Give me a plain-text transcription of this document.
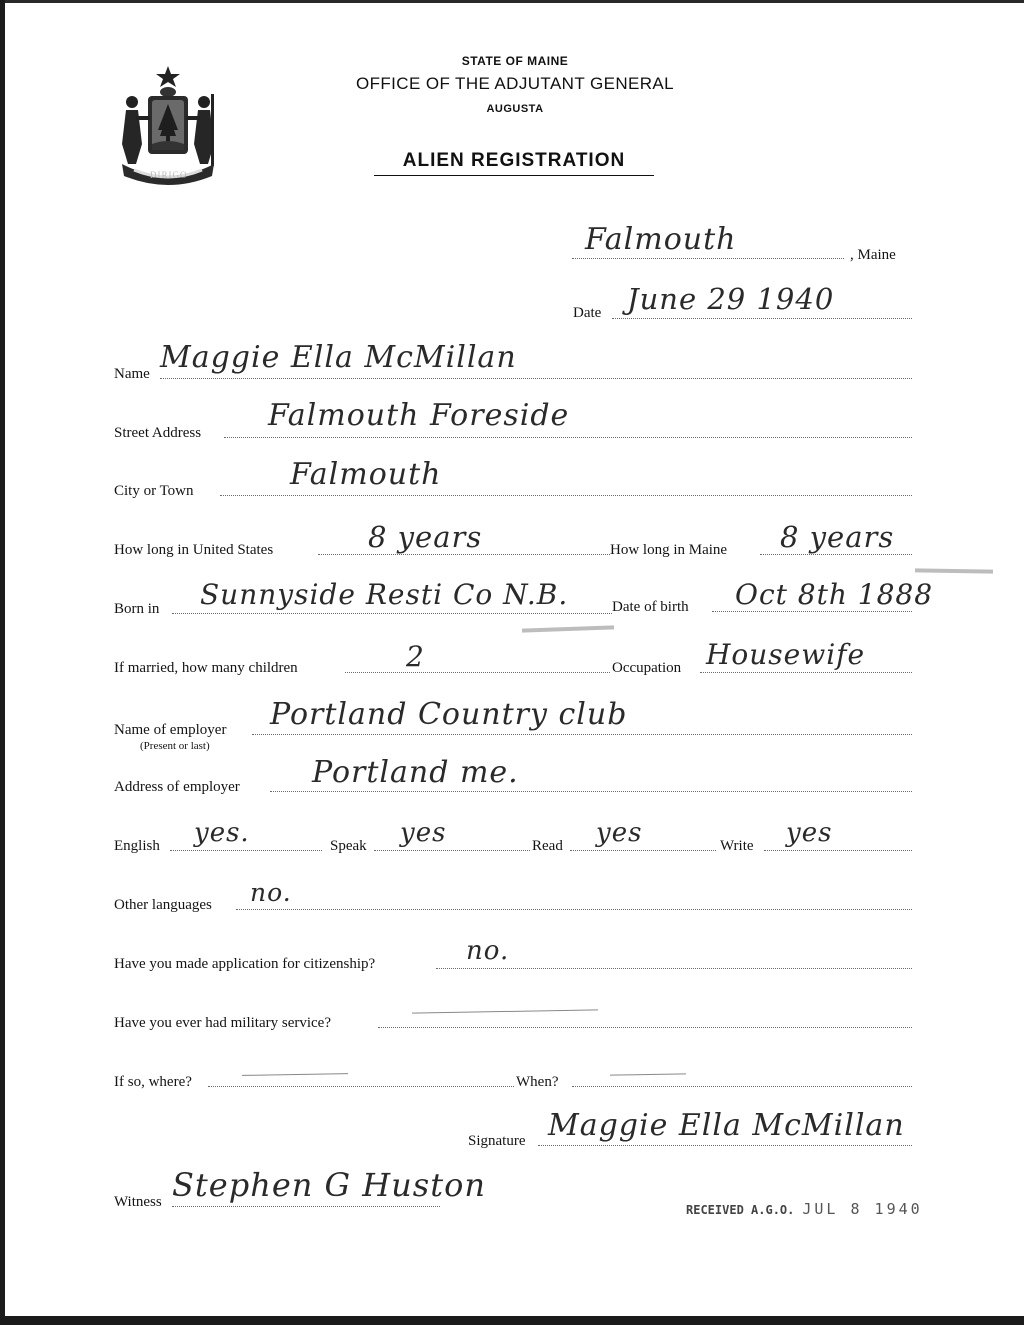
DIRIGO
STATE OF MAINE
OFFICE OF THE ADJUTANT GENERAL
AUGUSTA
ALIEN REGISTRATION
Falmouth	, Maine
Date June 29 1940
Name Maggie Ella McMillan
Street Address Falmouth Foreside
City or Town	Falmouth
How long in United States	8 years	How long in Maine 8 years
Born in Sunnyside Resti Co N.B.	Date of birth Oct 8th 1888
If married, how many children	2	Occupation Housewife
Name of employer
(Present or last)
Portland Country club
Address of employer Portland me.
English yes.	Speak yes	Read yes	Write yes
Other languages no.
Have you made application for citizenship?	no.
Have you ever had military service?
If so, where?	When?
Signature Maggie Ella McMillan
Witness Stephen G Huston
RECEIVED A.G.O. JUL 8 1940
